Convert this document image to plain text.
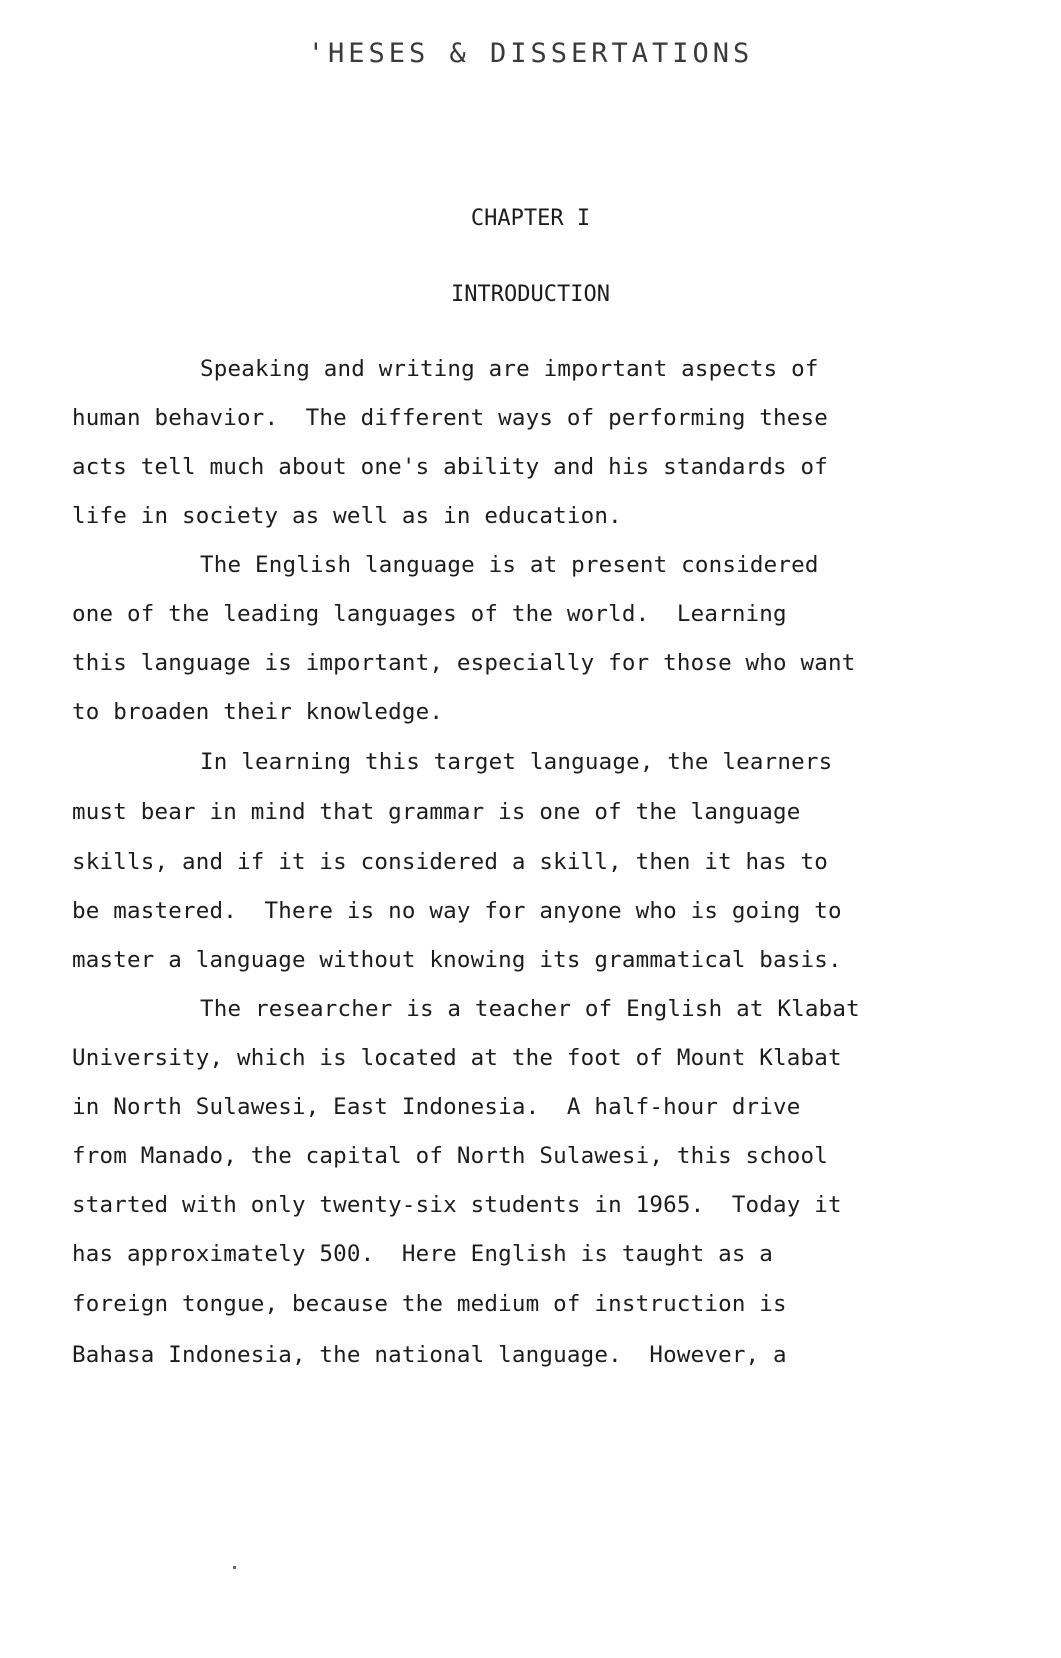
'HESES & DISSERTATIONS
CHAPTER I
INTRODUCTION
Speaking and writing are important aspects of
human behavior.  The different ways of performing these
acts tell much about one's ability and his standards of
life in society as well as in education.
The English language is at present considered
one of the leading languages of the world.  Learning
this language is important, especially for those who want
to broaden their knowledge.
In learning this target language, the learners
must bear in mind that grammar is one of the language
skills, and if it is considered a skill, then it has to
be mastered.  There is no way for anyone who is going to
master a language without knowing its grammatical basis.
The researcher is a teacher of English at Klabat
University, which is located at the foot of Mount Klabat
in North Sulawesi, East Indonesia.  A half-hour drive
from Manado, the capital of North Sulawesi, this school
started with only twenty-six students in 1965.  Today it
has approximately 500.  Here English is taught as a
foreign tongue, because the medium of instruction is
Bahasa Indonesia, the national language.  However, a
